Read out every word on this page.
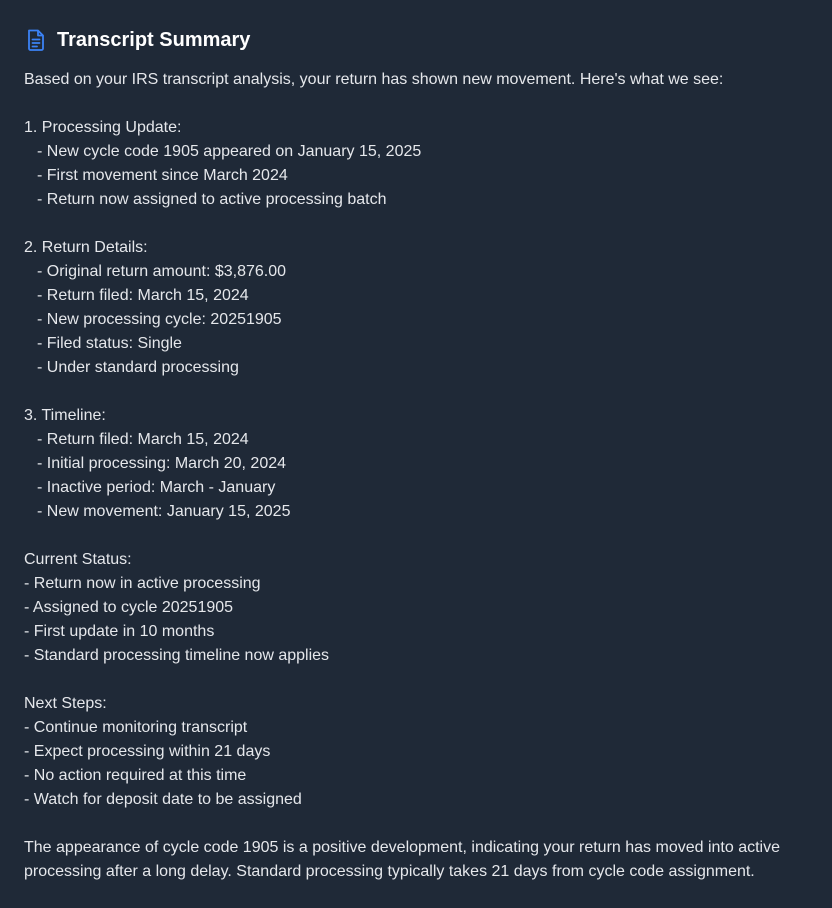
Transcript Summary
Based on your IRS transcript analysis, your return has shown new movement. Here's what we see:
1. Processing Update:
- New cycle code 1905 appeared on January 15, 2025
- First movement since March 2024
- Return now assigned to active processing batch
2. Return Details:
- Original return amount: $3,876.00
- Return filed: March 15, 2024
- New processing cycle: 20251905
- Filed status: Single
- Under standard processing
3. Timeline:
- Return filed: March 15, 2024
- Initial processing: March 20, 2024
- Inactive period: March - January
- New movement: January 15, 2025
Current Status:
- Return now in active processing
- Assigned to cycle 20251905
- First update in 10 months
- Standard processing timeline now applies
Next Steps:
- Continue monitoring transcript
- Expect processing within 21 days
- No action required at this time
- Watch for deposit date to be assigned
The appearance of cycle code 1905 is a positive development, indicating your return has moved into active processing after a long delay. Standard processing typically takes 21 days from cycle code assignment.
